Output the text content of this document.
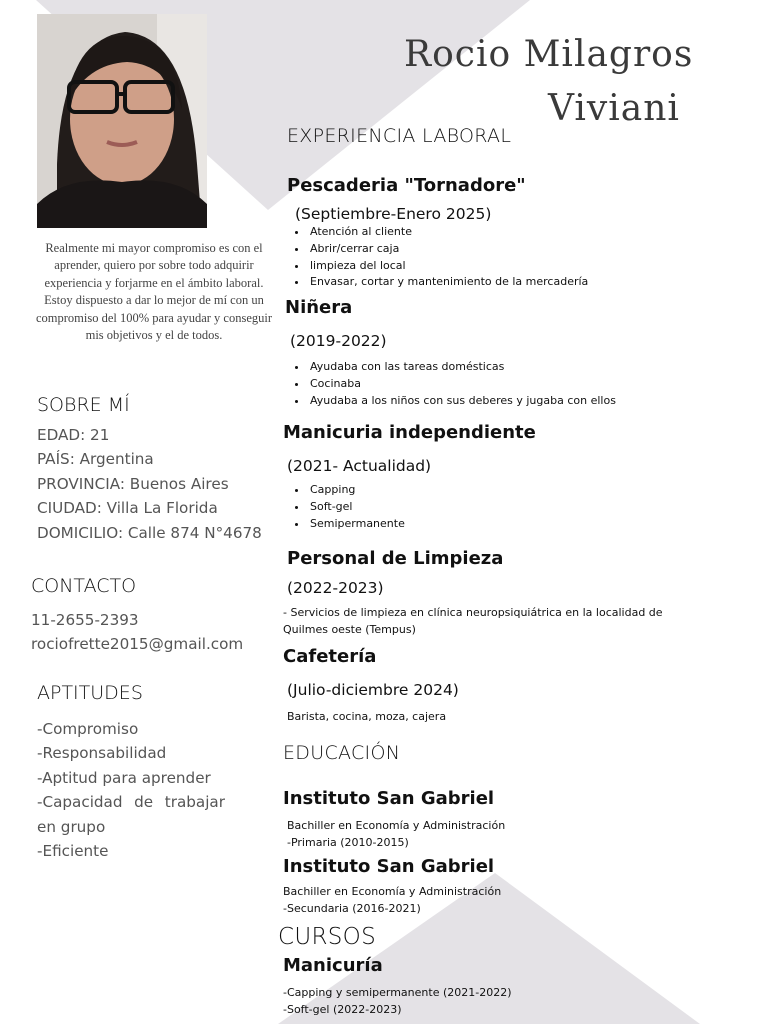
Rocio Milagros
Viviani
Realmente mi mayor compromiso es con el aprender, quiero por sobre todo adquirir experiencia y forjarme en el ámbito laboral. Estoy dispuesto a dar lo mejor de mí con un compromiso del 100% para ayudar y conseguir mis objetivos y el de todos.
SOBRE MÍ
EDAD: 21
PAÍS: Argentina
PROVINCIA: Buenos Aires
CIUDAD: Villa La Florida
DOMICILIO: Calle 874 N°4678
CONTACTO
11-2655-2393
rociofrette2015@gmail.com
APTITUDES
-Compromiso
-Responsabilidad
-Aptitud para aprender
-Capacidad de trabajar
en grupo
-Eficiente
EXPERIENCIA LABORAL
Pescaderia "Tornadore"
(Septiembre-Enero 2025)
• Atención al cliente
• Abrir/cerrar caja
• limpieza del local
• Envasar, cortar y mantenimiento de la mercadería
Niñera
(2019-2022)
• Ayudaba con las tareas domésticas
• Cocinaba
• Ayudaba a los niños con sus deberes y jugaba con ellos
Manicuria independiente
(2021- Actualidad)
• Capping
• Soft-gel
• Semipermanente
Personal de Limpieza
(2022-2023)
- Servicios de limpieza en clínica neuropsiquiátrica en la localidad de Quilmes oeste (Tempus)
Cafetería
(Julio-diciembre 2024)
Barista, cocina, moza, cajera
EDUCACIÓN
Instituto San Gabriel
Bachiller en Economía y Administración
-Primaria (2010-2015)
Instituto San Gabriel
Bachiller en Economía y Administración
-Secundaria (2016-2021)
CURSOS
Manicuría
-Capping y semipermanente (2021-2022)
-Soft-gel (2022-2023)
